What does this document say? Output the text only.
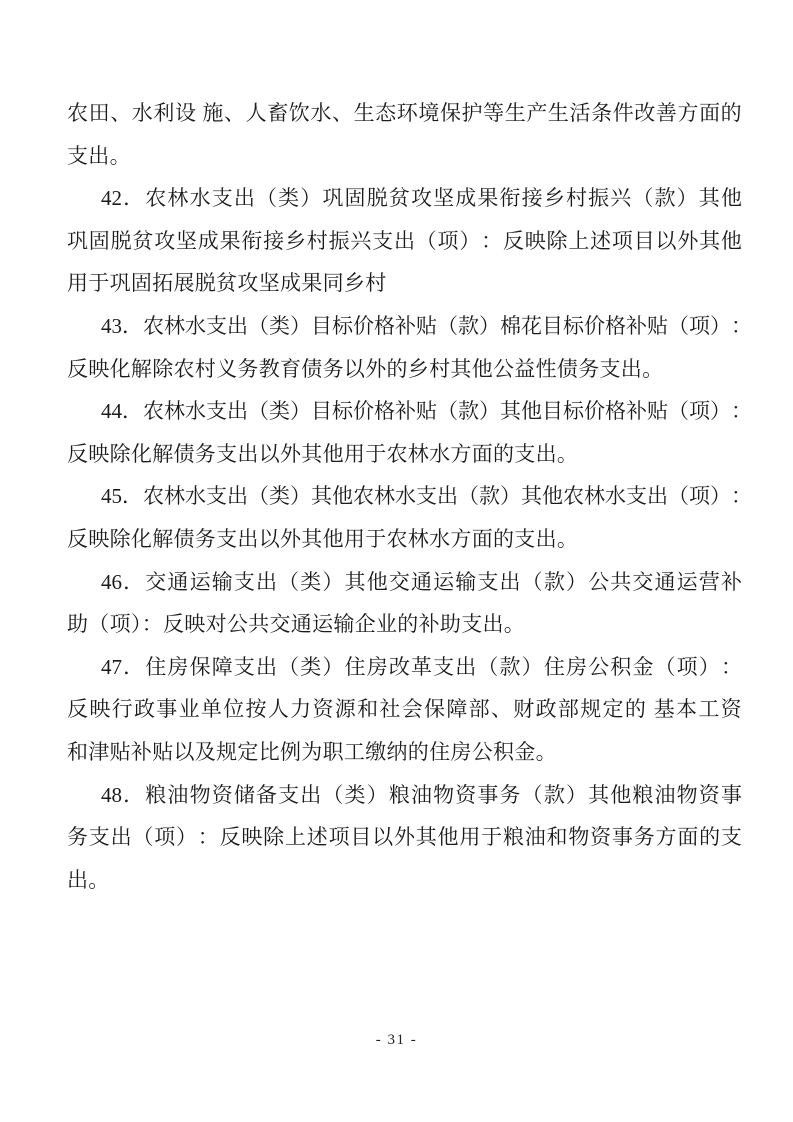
农 田 、 水 利 设
施 、 人 畜 饮 水 、 生 态 环 境 保 护 等 生 产 生 活 条 件 改 善 方 面 的
支出。
42 ． 农 林 水 支 出 （ 类 ） 巩 固 脱 贫 攻 坚 成 果 衔 接 乡 村 振 兴 （ 款 ） 其 他
巩 固 脱 贫 攻 坚 成 果 衔 接 乡 村 振 兴 支 出 （ 项 ） ： 反 映 除 上 述 项 目 以 外 其 他
用于巩固拓展脱贫攻坚成果同乡村
43 ． 农 林 水 支 出 （ 类 ） 目 标 价 格 补 贴 （ 款 ） 棉 花 目 标 价 格 补 贴 （ 项 ） ：
反映化解除农村义务教育债务以外的乡村其他公益性债务支出。
44 ． 农 林 水 支 出 （ 类 ） 目 标 价 格 补 贴 （ 款 ） 其 他 目 标 价 格 补 贴 （ 项 ） ：
反映除化解债务支出以外其他用于农林水方面的支出。
45 ． 农 林 水 支 出 （ 类 ） 其 他 农 林 水 支 出 （ 款 ） 其 他 农 林 水 支 出 （ 项 ） ：
反映除化解债务支出以外其他用于农林水方面的支出。
46 ． 交 通 运 输 支 出 （ 类 ） 其 他 交 通 运 输 支 出 （ 款 ） 公 共 交 通 运 营 补
助（项）：反映对公共交通运输企业的补助支出。
47 ． 住 房 保 障 支 出 （ 类 ） 住 房 改 革 支 出 （ 款 ） 住 房 公 积 金 （ 项 ） ：
反 映 行 政 事 业 单 位 按 人 力 资 源 和 社 会 保 障 部 、 财 政 部 规 定 的
基 本 工 资
和津贴补贴以及规定比例为职工缴纳的住房公积金。
48 ． 粮 油 物 资 储 备 支 出 （ 类 ） 粮 油 物 资 事 务 （ 款 ） 其 他 粮 油 物 资 事
务 支 出 （ 项 ） ： 反 映 除 上 述 项 目 以 外 其 他 用 于 粮 油 和 物 资 事 务 方 面 的 支
出。
- 31 -
